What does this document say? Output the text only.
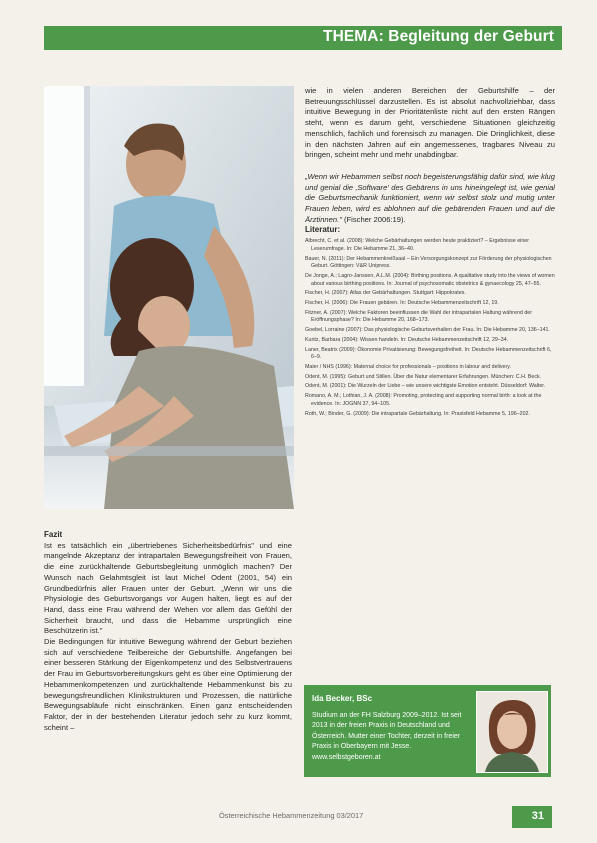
THEMA: Begleitung der Geburt

Fazit

Ist es tatsächlich ein „übertriebenes Sicherheitsbedürfnis" und eine mangelnde Akzeptanz der intrapartalen Bewegungsfreiheit von Frauen, die eine zurückhaltende Geburtsbegleitung unmöglich machen? Der Wunsch nach Gelahmtsgleit ist laut Michel Odent (2001, 54) ein Grundbedürfnis aller Frauen unter der Geburt. „Wenn wir uns die Physiologie des Geburtsvorgangs vor Augen halten, liegt es auf der Hand, dass eine Frau während der Wehen vor allem das Gefühl der Sicherheit braucht, und dass die Hebamme ursprünglich eine Beschützerin ist."

Die Bedingungen für intuitive Bewegung während der Geburt beziehen sich auf verschiedene Teilbereiche der Geburtshilfe. Angefangen bei einer besseren Stärkung der Eigenkompetenz und des Selbstvertrauens der Frau im Geburtsvorbereitungskurs geht es über eine Optimierung der Hebammenkompetenzen und zurückhaltende Hebammenkunst bis zu bewegungsfreundlichen Klinikstrukturen und Prozessen, die natürliche Bewegungsabläufe nicht einschränken. Einen ganz entscheidenden Faktor, der in der bestehenden Literatur jedoch sehr zu kurz kommt, scheint –

wie in vielen anderen Bereichen der Geburtshilfe – der Betreuungsschlüssel darzustellen. Es ist absolut nachvollziehbar, dass intuitive Bewegung in der Prioritätenliste nicht auf den ersten Rängen steht, wenn es darum geht, verschiedene Situationen gleichzeitig menschlich, fachlich und forensisch zu managen. Die Dringlichkeit, diese in den nächsten Jahren auf ein angemessenes, tragbares Niveau zu bringen, scheint mehr und mehr unabdingbar.

„Wenn wir Hebammen selbst noch begeisterungsfähig dafür sind, wie klug und genial die ‚Software' des Gebärens in uns hineingelegt ist, wie genial die Geburtsmechanik funktioniert, wenn wir selbst stolz und mutig unter Frauen leben, wird es ablohnen auf die gebärenden Frauen und auf die Ärztinnen." (Fischer 2006:19).

Literatur:

Albrecht, C. et al. (2008): Welche Gebärhaltungen werden heute praktiziert? – Ergebnisse einer Leserumfrage. In: Die Hebamme 21, 36–40.
Bauer, N. (2011): Der Hebammenkreißsaal – Ein Versorgungskonzept zur Förderung der physiologischen Geburt. Göttingen: V&R Unipress.
De Jonge, A.; Lagro-Janssen, A.L.M. (2004): Birthing positions. A qualitative study into the views of women about various birthing positions. In: Journal of psychosomatic obstetrics & gynaecology 25, 47–55.
Fischer, H. (2007): Atlas der Gebärhaltungen. Stuttgart: Hippokrates.
Fischer, H. (2006): Die Frauen gebären. In: Deutsche Hebammenzeitschrift 12, 19.
Fitzner, A. (2007): Welche Faktoren beeinflussen die Wahl der intrapartalen Haltung während der Eröffnungsphase? In: Die Hebamme 20, 168–173.
Goebel, Lorraine (2007): Das physiologische Geburtsverhalten der Frau. In: Die Hebamme 20, 136–141.
Kuntz, Barbara (2004): Wissen handeln. In: Deutsche Hebammenzeitschrift 12, 29–34.
Laner, Beatrix (2009): Ökonomie Privatisierung: Bewegungsfreiheit. In: Deutsche Hebammenzeitschrift 6, 6–9.
Maier / NHS (1996): Maternal choice for professionals – positions in labour and delivery.
Odent, M. (1995): Geburt und Stillen. Über die Natur elementarer Erfahrungen. München: C.H. Beck.
Odent, M. (2001): Die Wurzeln der Liebe – wie unsere wichtigste Emotion entsteht. Düsseldorf: Walter.
Romano, A. M.; Lothian, J. A. (2008): Promoting, protecting and supporting normal birth: a look at the evidence. In: JOGNN 37, 94–105.
Roth, W.; Binder, G. (2009): Die intrapartale Gebärhaltung. In: Praxisfeld Hebamme 5, 196–202.
Ida Becker, BSc
Studium an der FH Salzburg 2009–2012. Ist seit 2013 in der freien Praxis in Deutschland und Österreich. Mutter einer Tochter, derzeit in freier Praxis in Oberbayern mit Jesse.
www.selbstgeboren.at
Österreichische Hebammenzeitung 03/2017	31
